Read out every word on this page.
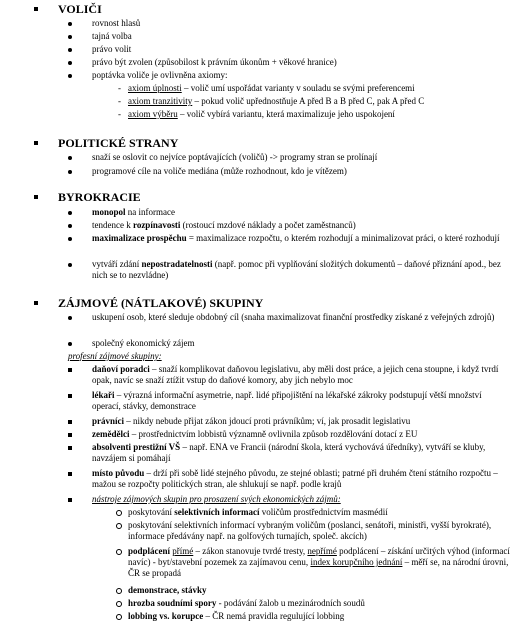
VOLIČI
rovnost hlasů
tajná volba
právo volit
právo být zvolen (způsobilost k právním úkonům + věkové hranice)
poptávka voliče je ovlivněna axiomy:
- axiom úplnosti – volič umí uspořádat varianty v souladu se svými preferencemi
- axiom tranzitivity – pokud volič upřednostňuje A před B a B před C, pak A před C
- axiom výběru – volič vybírá variantu, která maximalizuje jeho uspokojení
POLITICKÉ STRANY
snaží se oslovit co nejvíce poptávajících (voličů) -> programy stran se prolínají
programové cíle na voliče mediána (může rozhodnout, kdo je vítězem)
BYROKRACIE
monopol na informace
tendence k rozpínavosti (rostoucí mzdové náklady a počet zaměstnanců)
maximalizace prospěchu = maximalizace rozpočtu, o kterém rozhodují a minimalizovat práci, o které rozhodují
vytváří zdání nepostradatelnosti (např. pomoc při vyplňování složitých dokumentů – daňové přiznání apod., bez nich se to nezvládne)
ZÁJMOVÉ (NÁTLAKOVÉ) SKUPINY
uskupení osob, které sleduje obdobný cíl (snaha maximalizovat finanční prostředky získané z veřejných zdrojů)
společný ekonomický zájem
profesní zájmové skupiny:
daňoví poradci – snaží komplikovat daňovou legislativu, aby měli dost práce, a jejich cena stoupne, i když tvrdí opak, navíc se snaží ztížit vstup do daňové komory, aby jich nebylo moc
lékaři – výrazná informační asymetrie, např. lidé připojištění na lékařské zákroky podstupují větší množství operací, stávky, demonstrace
právníci – nikdy nebude přijat zákon jdoucí proti právníkům; ví, jak prosadit legislativu
zemědělci – prostřednictvím lobbistů významně ovlivnila způsob rozdělování dotací z EU
absolventi prestižní VŠ – např. ENA ve Francii (národní škola, která vychovává úředníky), vytváří se kluby, navzájem si pomáhají
místo původu – drží při sobě lidé stejného původu, ze stejné oblasti; patrné při druhém čtení státního rozpočtu – mažou se rozpočty politických stran, ale shlukují se např. podle krajů
nástroje zájmových skupin pro prosazení svých ekonomických zájmů:
poskytování selektivních informací voličům prostřednictvím masmédií
poskytování selektivních informací vybraným voličům (poslanci, senátoři, ministři, vyšší byrokraté), informace předávány např. na golfových turnajích, společ. akcích)
podplácení přímé – zákon stanovuje tvrdé tresty, nepřímé podplácení – získání určitých výhod (informací navíc) - byt/stavební pozemek za zajímavou cenu, index korupčního jednání – měří se, na národní úrovni, ČR se propadá
demonstrace, stávky
hrozba soudními spory - podávání žalob u mezinárodních soudů
lobbing vs. korupce – ČR nemá pravidla regulující lobbing
